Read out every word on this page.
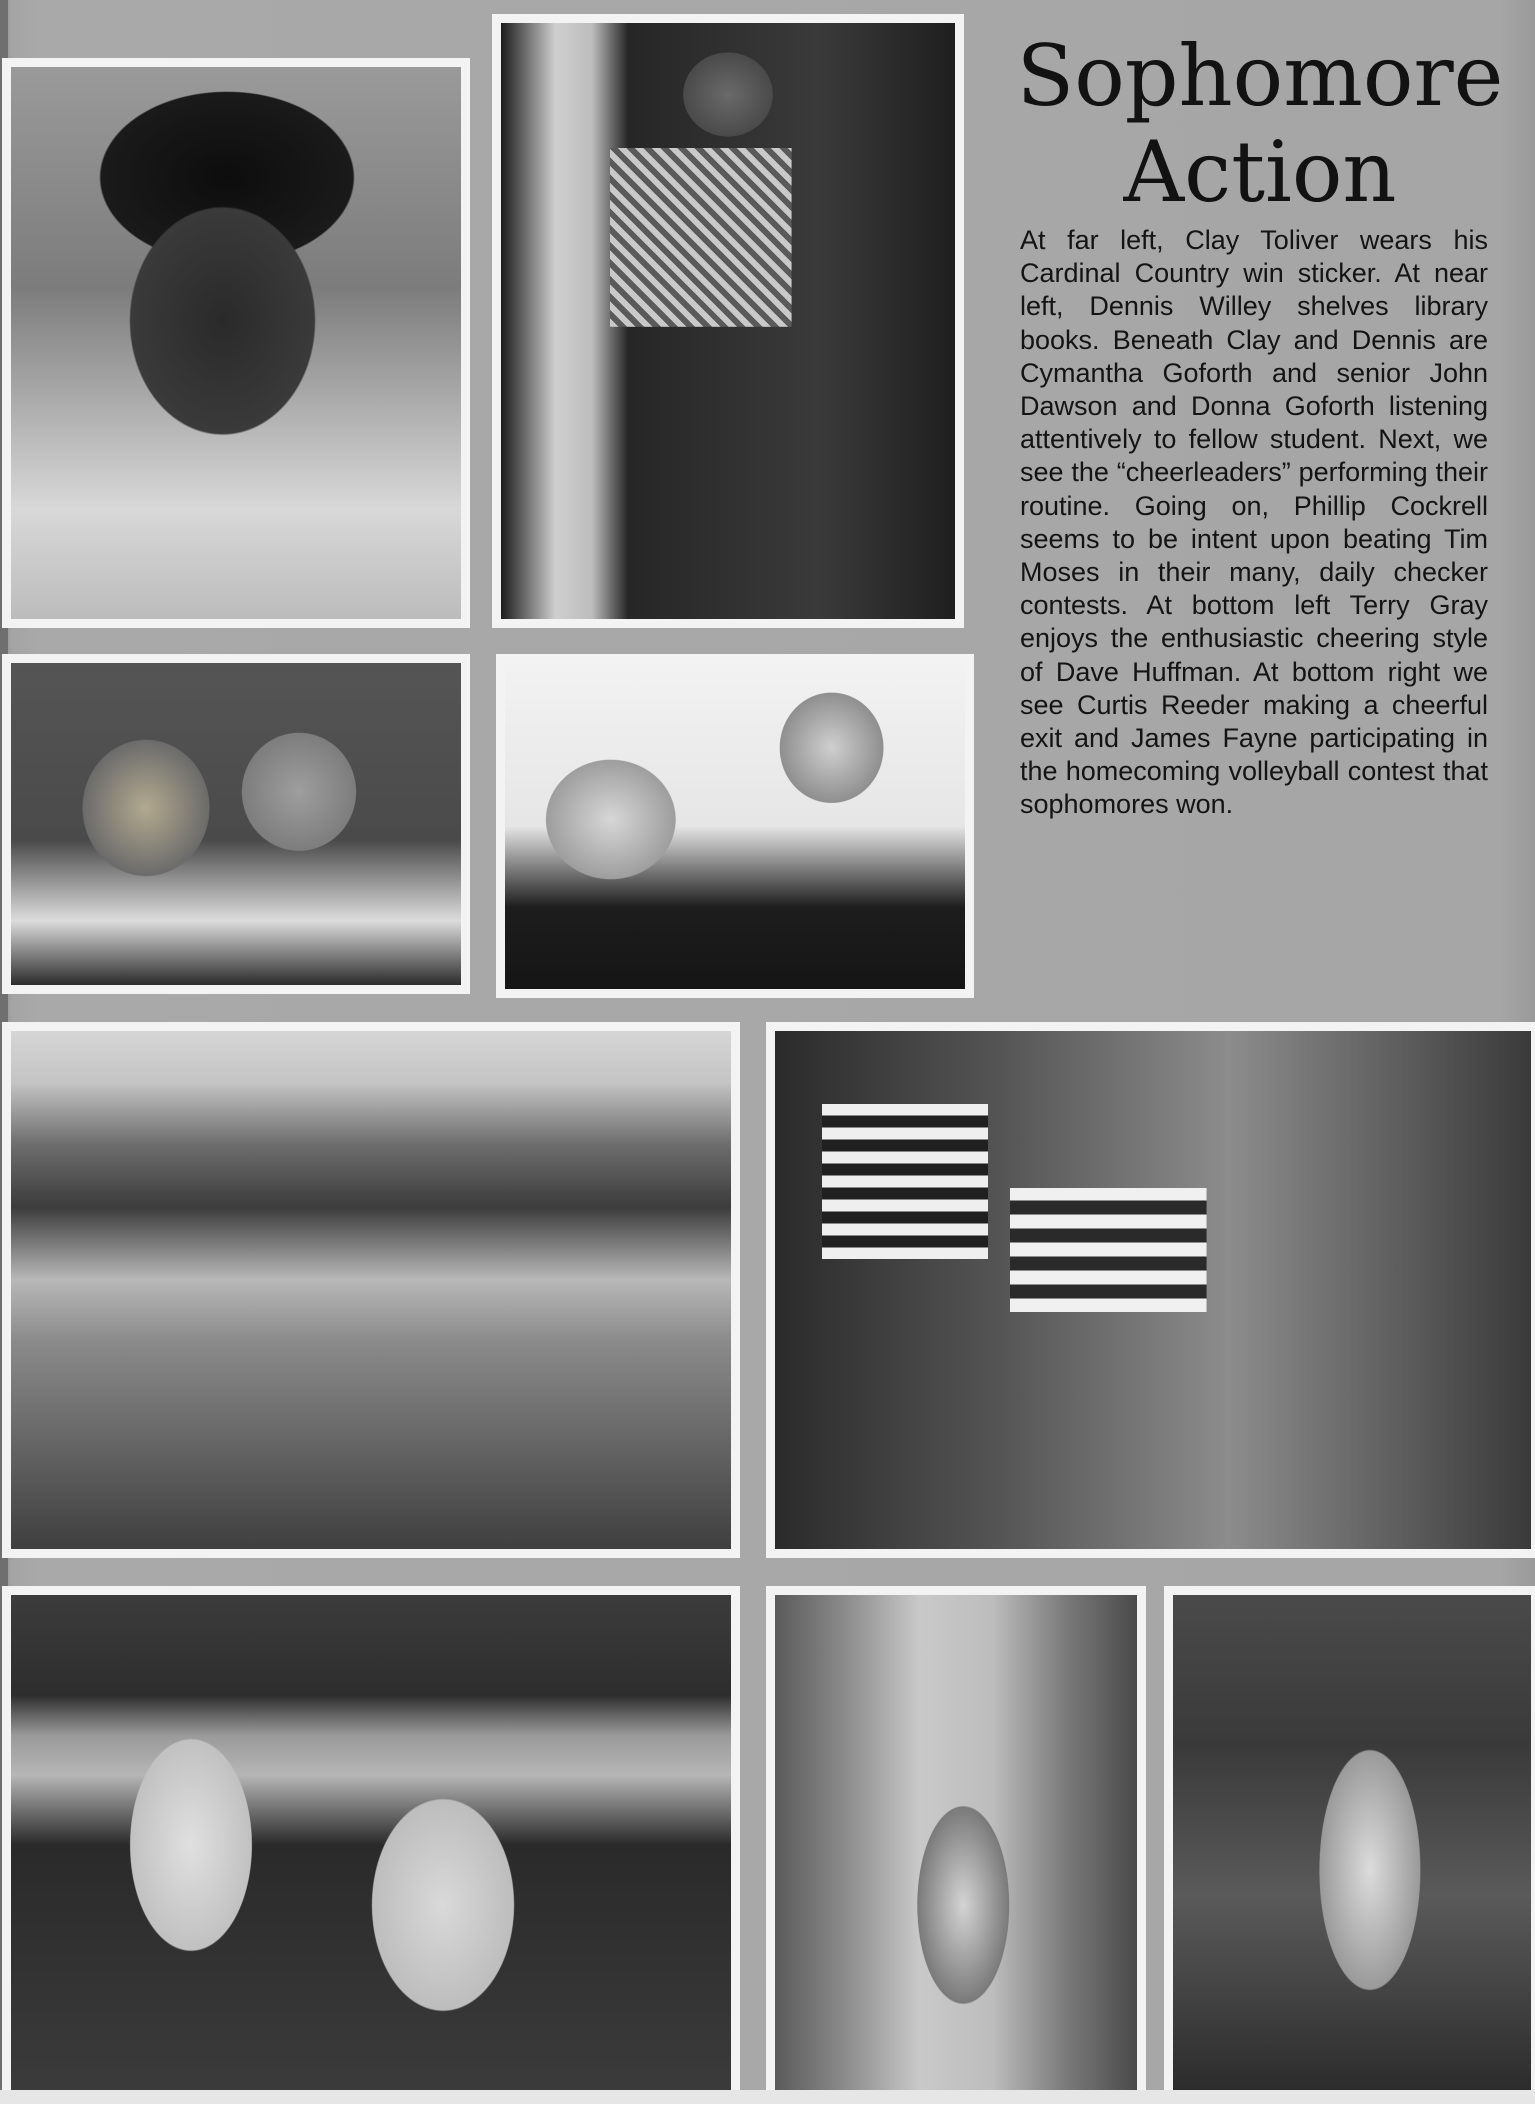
Sophomore
Action

At far left, Clay Toliver wears his Cardinal Country win sticker. At near left, Dennis Willey shelves library books. Beneath Clay and Dennis are Cymantha Goforth and senior John Dawson and Donna Goforth listening attentively to fellow student. Next, we see the “cheerleaders” performing their routine. Going on, Phillip Cockrell seems to be intent upon beating Tim Moses in their many, daily checker contests. At bottom left Terry Gray enjoys the enthusiastic cheering style of Dave Huffman. At bottom right we see Curtis Reeder making a cheerful exit and James Fayne participating in the homecoming volleyball contest that sophomores won.
